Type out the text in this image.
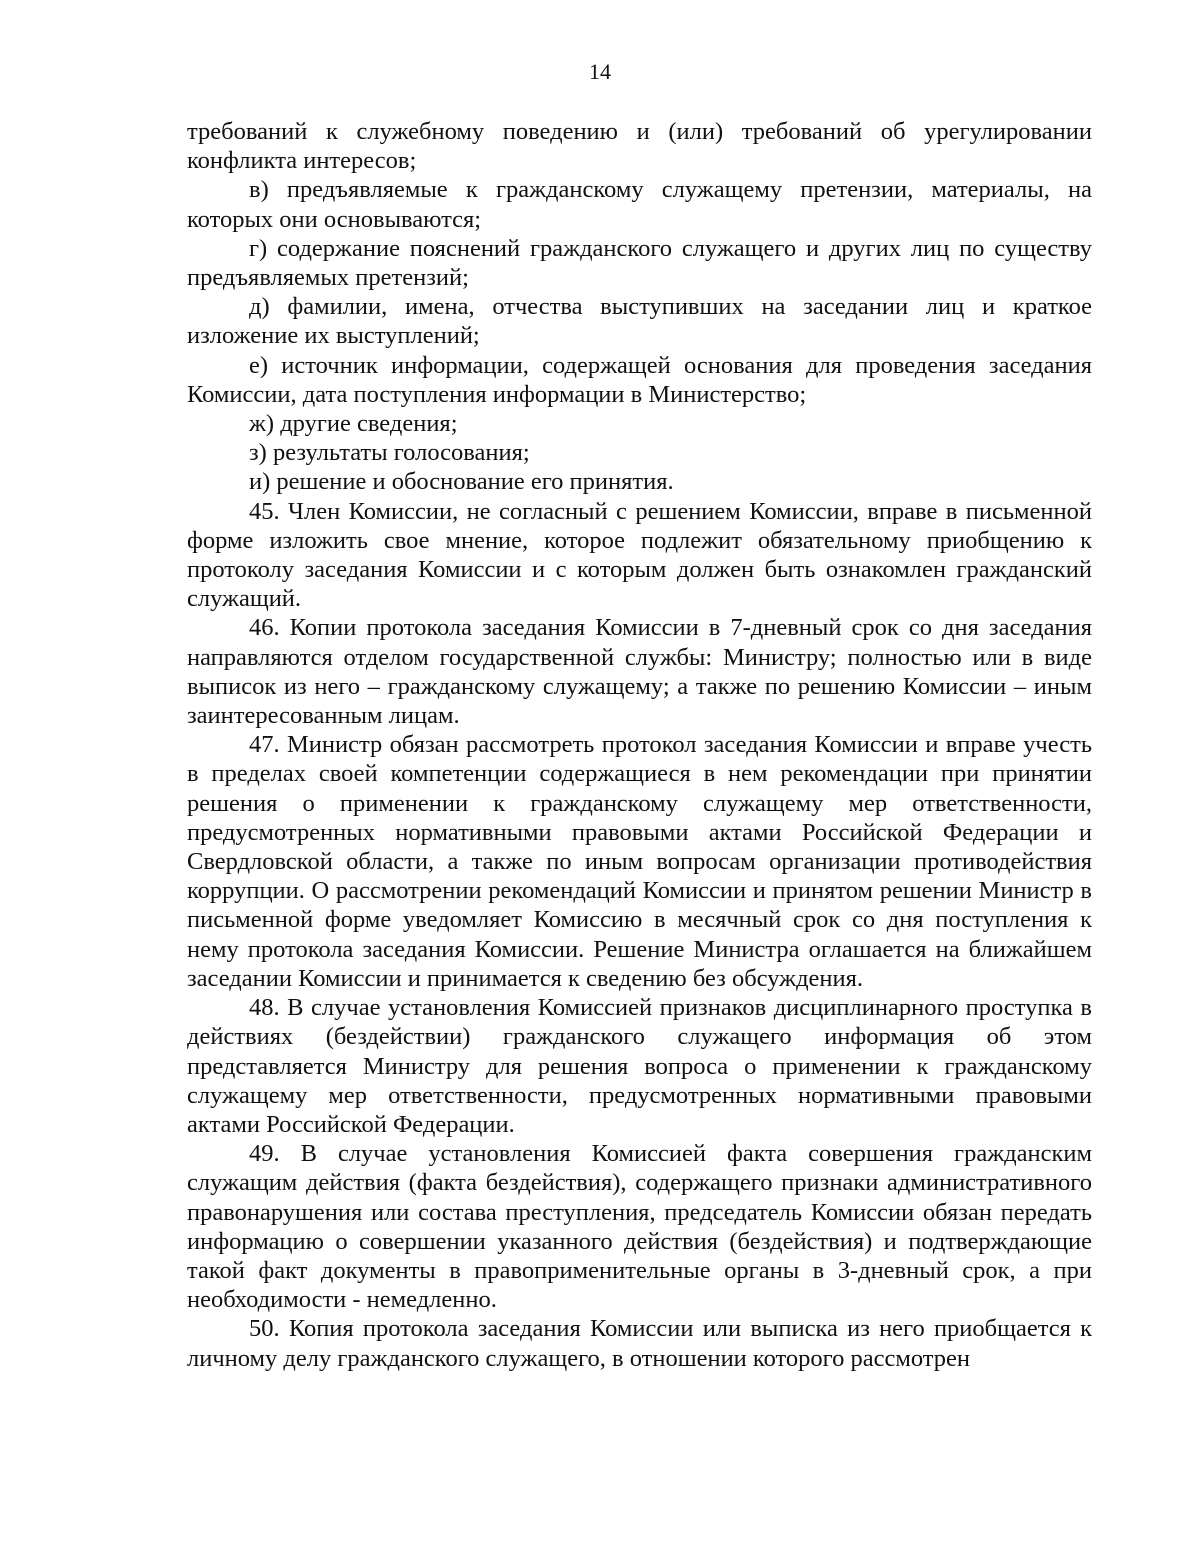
14

требований к служебному поведению и (или) требований об урегулировании конфликта интересов;

в) предъявляемые к гражданскому служащему претензии, материалы, на которых они основываются;

г) содержание пояснений гражданского служащего и других лиц по существу предъявляемых претензий;

д) фамилии, имена, отчества выступивших на заседании лиц и краткое изложение их выступлений;

е) источник информации, содержащей основания для проведения заседания Комиссии, дата поступления информации в Министерство;

ж) другие сведения;

з) результаты голосования;

и) решение и обоснование его принятия.

45. Член Комиссии, не согласный с решением Комиссии, вправе в письменной форме изложить свое мнение, которое подлежит обязательному приобщению к протоколу заседания Комиссии и с которым должен быть ознакомлен гражданский служащий.

46. Копии протокола заседания Комиссии в 7-дневный срок со дня заседания направляются отделом государственной службы: Министру; полностью или в виде выписок из него – гражданскому служащему; а также по решению Комиссии – иным заинтересованным лицам.

47. Министр обязан рассмотреть протокол заседания Комиссии и вправе учесть в пределах своей компетенции содержащиеся в нем рекомендации при принятии решения о применении к гражданскому служащему мер ответственности, предусмотренных нормативными правовыми актами Российской Федерации и Свердловской области, а также по иным вопросам организации противодействия коррупции. О рассмотрении рекомендаций Комиссии и принятом решении Министр в письменной форме уведомляет Комиссию в месячный срок со дня поступления к нему протокола заседания Комиссии. Решение Министра оглашается на ближайшем заседании Комиссии и принимается к сведению без обсуждения.

48. В случае установления Комиссией признаков дисциплинарного проступка в действиях (бездействии) гражданского служащего информация об этом представляется Министру для решения вопроса о применении к гражданскому служащему мер ответственности, предусмотренных нормативными правовыми актами Российской Федерации.

49. В случае установления Комиссией факта совершения гражданским служащим действия (факта бездействия), содержащего признаки административного правонарушения или состава преступления, председатель Комиссии обязан передать информацию о совершении указанного действия (бездействия) и подтверждающие такой факт документы в правоприменительные органы в 3-дневный срок, а при необходимости - немедленно.

50. Копия протокола заседания Комиссии или выписка из него приобщается к личному делу гражданского служащего, в отношении которого рассмотрен
